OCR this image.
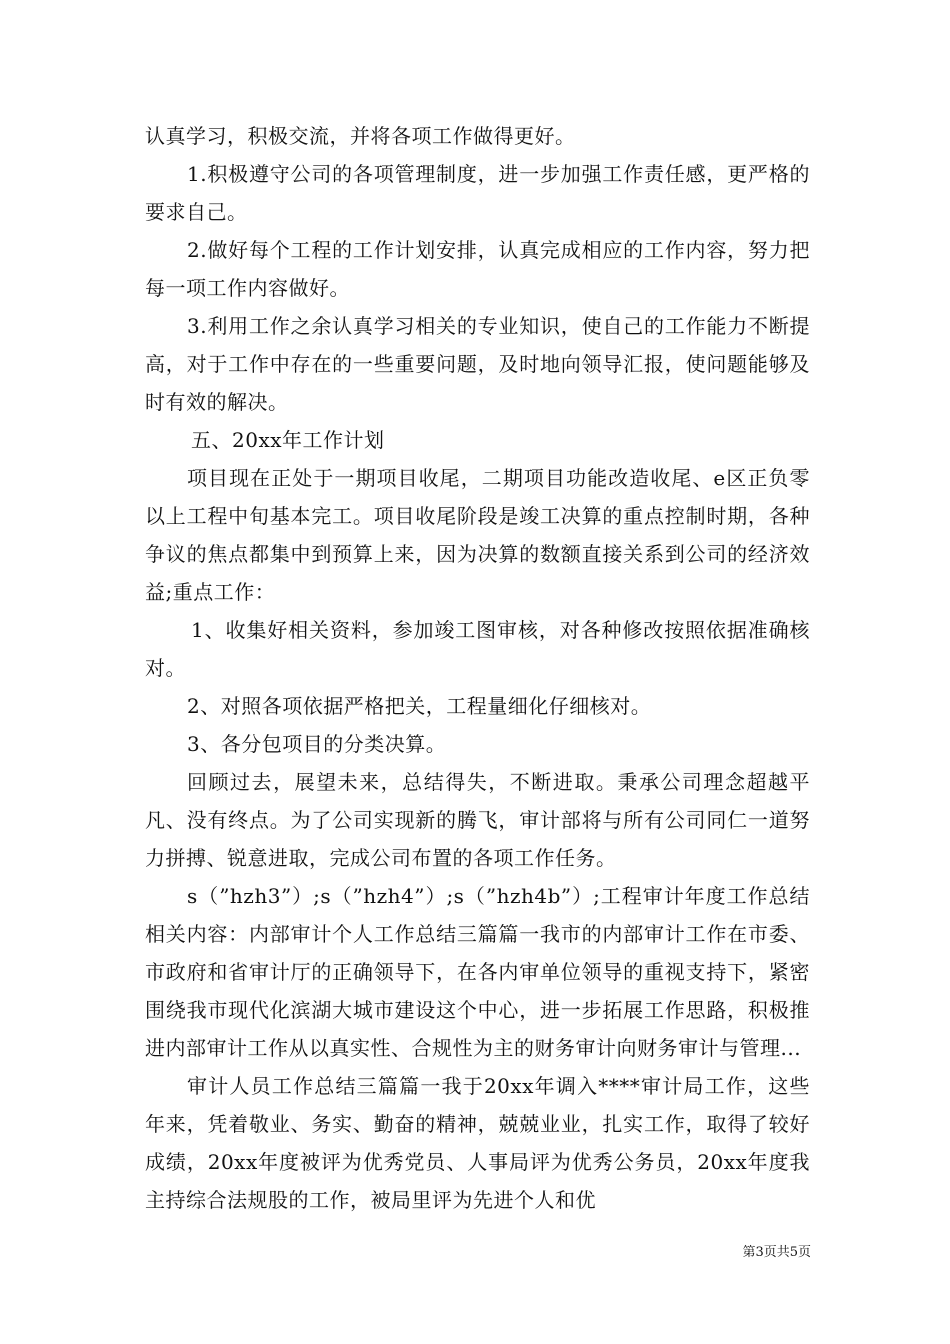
认真学习，积极交流，并将各项工作做得更好。

1.积极遵守公司的各项管理制度，进一步加强工作责任感，更严格的要求自己。

2.做好每个工程的工作计划安排，认真完成相应的工作内容，努力把每一项工作内容做好。

3.利用工作之余认真学习相关的专业知识，使自己的工作能力不断提高，对于工作中存在的一些重要问题，及时地向领导汇报，使问题能够及时有效的解决。

五、20xx年工作计划

项目现在正处于一期项目收尾，二期项目功能改造收尾、e区正负零以上工程中旬基本完工。项目收尾阶段是竣工决算的重点控制时期，各种争议的焦点都集中到预算上来，因为决算的数额直接关系到公司的经济效益;重点工作：

1、收集好相关资料，参加竣工图审核，对各种修改按照依据准确核对。

2、对照各项依据严格把关，工程量细化仔细核对。

3、各分包项目的分类决算。

回顾过去，展望未来，总结得失，不断进取。秉承公司理念超越平凡、没有终点。为了公司实现新的腾飞，审计部将与所有公司同仁一道努力拼搏、锐意进取，完成公司布置的各项工作任务。

s（”hzh3”）;s（”hzh4”）;s（”hzh4b”）;工程审计年度工作总结相关内容：内部审计个人工作总结三篇篇一我市的内部审计工作在市委、市政府和省审计厅的正确领导下，在各内审单位领导的重视支持下，紧密围绕我市现代化滨湖大城市建设这个中心，进一步拓展工作思路，积极推进内部审计工作从以真实性、合规性为主的财务审计向财务审计与管理...

审计人员工作总结三篇篇一我于20xx年调入****审计局工作，这些年来，凭着敬业、务实、勤奋的精神，兢兢业业，扎实工作，取得了较好成绩，20xx年度被评为优秀党员、人事局评为优秀公务员，20xx年度我主持综合法规股的工作，被局里评为先进个人和优

第3页共5页
